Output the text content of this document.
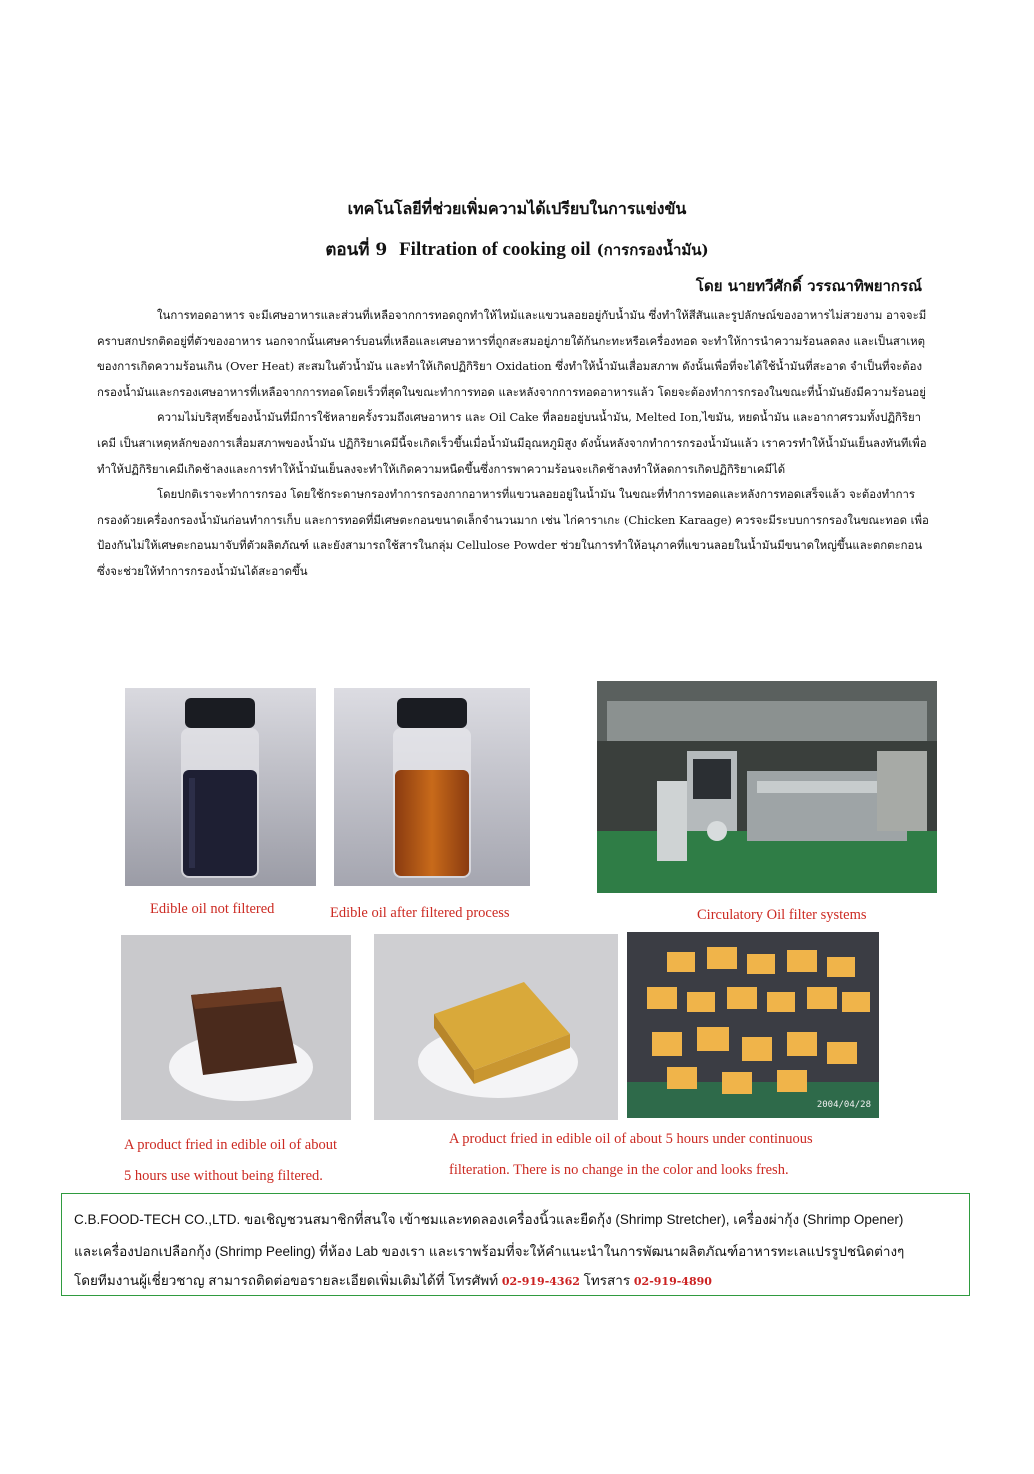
เทคโนโลยีที่ช่วยเพิ่มความได้เปรียบในการแข่งขัน
ตอนที่ 9 Filtration of cooking oil (การกรองน้ำมัน)
โดย นายทวีศักดิ์ วรรณาทิพยากรณ์

ในการทอดอาหาร จะมีเศษอาหารและส่วนที่เหลือจากการทอดถูกทำให้ไหม้และแขวนลอยอยู่กับน้ำมัน ซึ่งทำให้สีสันและรูปลักษณ์ของอาหารไม่สวยงาม อาจจะมีคราบสกปรกติดอยู่ที่ตัวของอาหาร นอกจากนั้นเศษคาร์บอนที่เหลือและเศษอาหารที่ถูกสะสมอยู่ภายใต้ก้นกะทะหรือเครื่องทอด จะทำให้การนำความร้อนลดลง และเป็นสาเหตุของการเกิดความร้อนเกิน (Over Heat) สะสมในตัวน้ำมัน และทำให้เกิดปฏิกิริยา Oxidation ซึ่งทำให้น้ำมันเสื่อมสภาพ ดังนั้นเพื่อที่จะได้ใช้น้ำมันที่สะอาด จำเป็นที่จะต้องกรองน้ำมันและกรองเศษอาหารที่เหลือจากการทอดโดยเร็วที่สุดในขณะทำการทอด และหลังจากการทอดอาหารแล้ว โดยจะต้องทำการกรองในขณะที่น้ำมันยังมีความร้อนอยู่

ความไม่บริสุทธิ์ของน้ำมันที่มีการใช้หลายครั้งรวมถึงเศษอาหาร และ Oil Cake ที่ลอยอยู่บนน้ำมัน, Melted Ion,ไขมัน, หยดน้ำมัน และอากาศรวมทั้งปฏิกิริยาเคมี เป็นสาเหตุหลักของการเสื่อมสภาพของน้ำมัน ปฏิกิริยาเคมีนี้จะเกิดเร็วขึ้นเมื่อน้ำมันมีอุณหภูมิสูง ดังนั้นหลังจากทำการกรองน้ำมันแล้ว เราควรทำให้น้ำมันเย็นลงทันทีเพื่อทำให้ปฏิกิริยาเคมีเกิดช้าลงและการทำให้น้ำมันเย็นลงจะทำให้เกิดความหนืดขึ้นซึ่งการพาความร้อนจะเกิดช้าลงทำให้ลดการเกิดปฏิกิริยาเคมีได้

โดยปกติเราจะทำการกรอง โดยใช้กระดาษกรองทำการกรองกากอาหารที่แขวนลอยอยู่ในน้ำมัน ในขณะที่ทำการทอดและหลังการทอดเสร็จแล้ว จะต้องทำการกรองด้วยเครื่องกรองน้ำมันก่อนทำการเก็บ และการทอดที่มีเศษตะกอนขนาดเล็กจำนวนมาก เช่น ไก่คาราเกะ (Chicken Karaage) ควรจะมีระบบการกรองในขณะทอด เพื่อป้องกันไม่ให้เศษตะกอนมาจับที่ตัวผลิตภัณฑ์ และยังสามารถใช้สารในกลุ่ม Cellulose Powder ช่วยในการทำให้อนุภาคที่แขวนลอยในน้ำมันมีขนาดใหญ่ขึ้นและตกตะกอน ซึ่งจะช่วยให้ทำการกรองน้ำมันได้สะอาดขึ้น

Edible oil not filtered	Edible oil after filtered process	Circulatory Oil filter systems
2004/04/28
A product fried in edible oil of about
5 hours use without being filtered.
A product fried in edible oil of about 5 hours under continuous
filteration. There is no change in the color and looks fresh.
C.B.FOOD-TECH CO.,LTD. ขอเชิญชวนสมาชิกที่สนใจ เข้าชมและทดลองเครื่องนิ้วและยืดกุ้ง (Shrimp Stretcher), เครื่องผ่ากุ้ง (Shrimp Opener)
และเครื่องปอกเปลือกกุ้ง (Shrimp Peeling) ที่ห้อง Lab ของเรา และเราพร้อมที่จะให้คำแนะนำในการพัฒนาผลิตภัณฑ์อาหารทะเลแปรรูปชนิดต่างๆ
โดยทีมงานผู้เชี่ยวชาญ สามารถติดต่อขอรายละเอียดเพิ่มเติมได้ที่ โทรศัพท์ 02-919-4362 โทรสาร 02-919-4890
